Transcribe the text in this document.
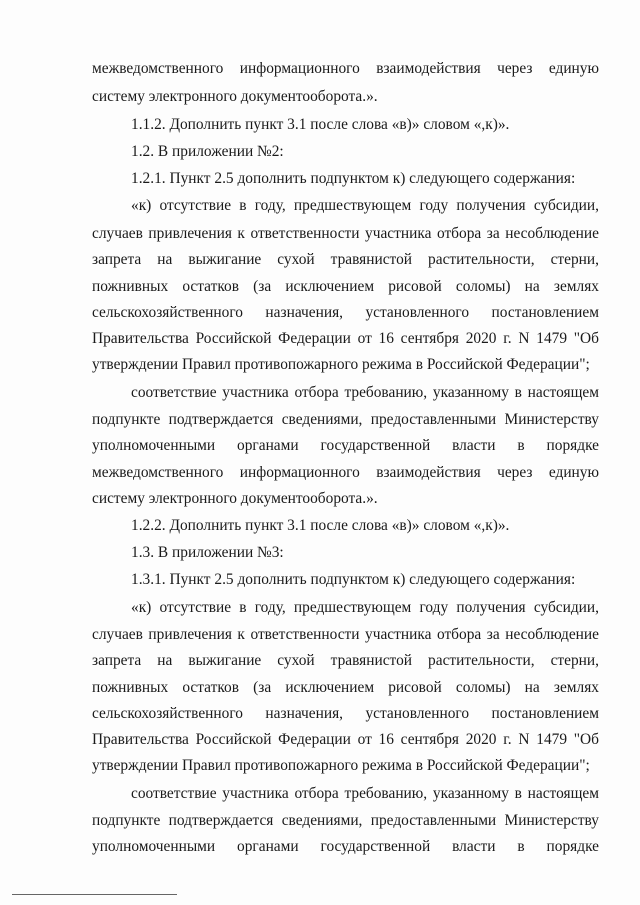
межведомственного информационного взаимодействия через единую
систему электронного документооборота.».
1.1.2. Дополнить пункт 3.1 после слова «в)» словом «,к)».
1.2. В приложении №2:
1.2.1. Пункт 2.5 дополнить подпунктом к) следующего содержания:
«к) отсутствие в году, предшествующем году получения субсидии,
случаев привлечения к ответственности участника отбора за несоблюдение
запрета на выжигание сухой травянистой растительности, стерни,
пожнивных остатков (за исключением рисовой соломы) на землях
сельскохозяйственного назначения, установленного постановлением
Правительства Российской Федерации от 16 сентября 2020 г. N 1479 "Об
утверждении Правил противопожарного режима в Российской Федерации";
соответствие участника отбора требованию, указанному в настоящем
подпункте подтверждается сведениями, предоставленными Министерству
уполномоченными органами государственной власти в порядке
межведомственного информационного взаимодействия через единую
систему электронного документооборота.».
1.2.2. Дополнить пункт 3.1 после слова «в)» словом «,к)».
1.3. В приложении №3:
1.3.1. Пункт 2.5 дополнить подпунктом к) следующего содержания:
«к) отсутствие в году, предшествующем году получения субсидии,
случаев привлечения к ответственности участника отбора за несоблюдение
запрета на выжигание сухой травянистой растительности, стерни,
пожнивных остатков (за исключением рисовой соломы) на землях
сельскохозяйственного назначения, установленного постановлением
Правительства Российской Федерации от 16 сентября 2020 г. N 1479 "Об
утверждении Правил противопожарного режима в Российской Федерации";
соответствие участника отбора требованию, указанному в настоящем
подпункте подтверждается сведениями, предоставленными Министерству
уполномоченными органами государственной власти в порядке
